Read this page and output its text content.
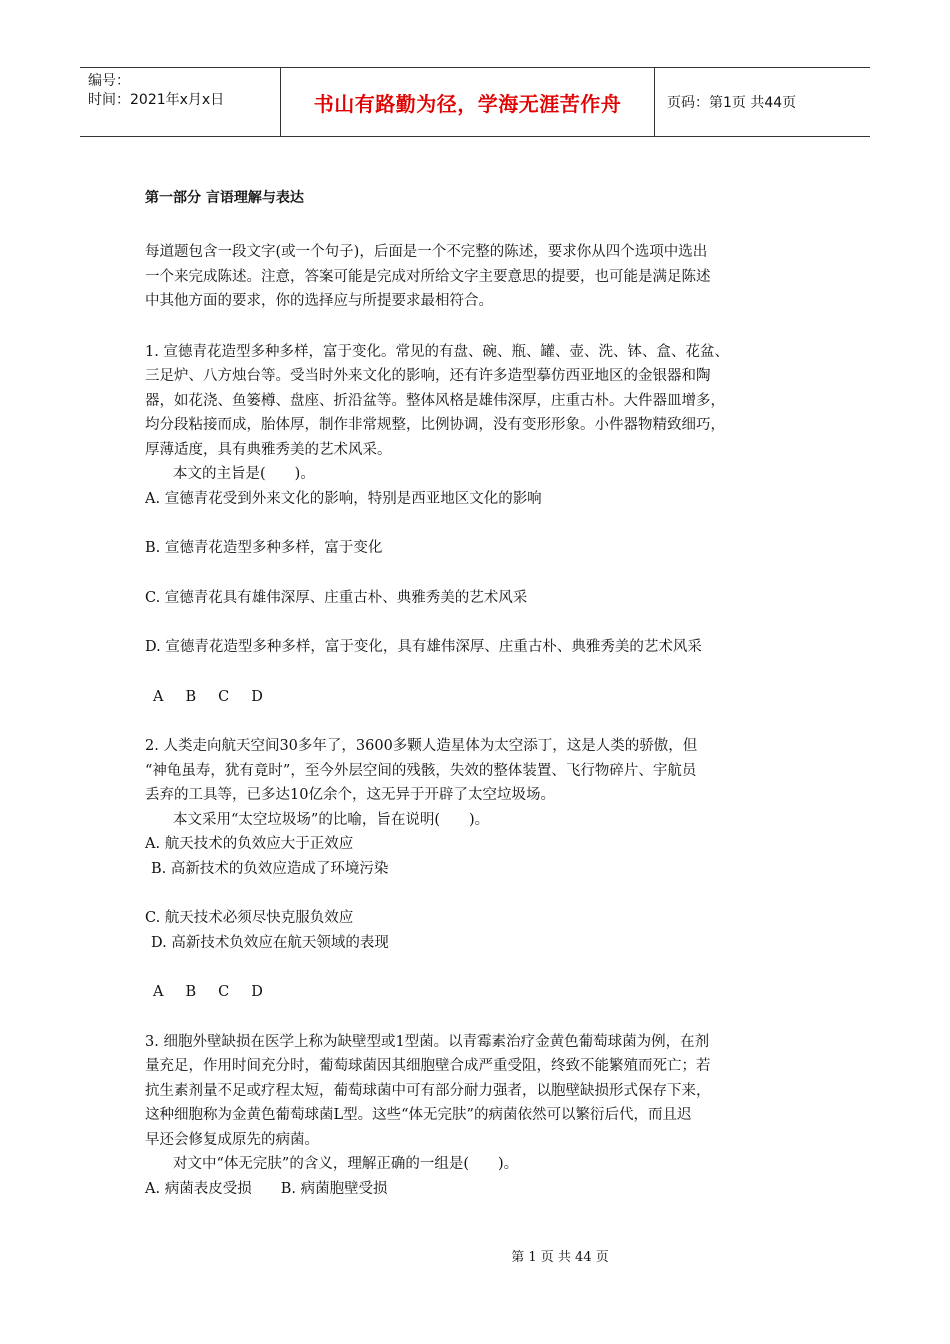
编号：
时间：2021年x月x日	书山有路勤为径，学海无涯苦作舟	页码：第1页 共44页

第一部分 言语理解与表达

每道题包含一段文字(或一个句子)，后面是一个不完整的陈述，要求你从四个选项中选出

一个来完成陈述。注意，答案可能是完成对所给文字主要意思的提要，也可能是满足陈述

中其他方面的要求，你的选择应与所提要求最相符合。

1. 宣德青花造型多种多样，富于变化。常见的有盘、碗、瓶、罐、壶、洗、钵、盒、花盆、

三足炉、八方烛台等。受当时外来文化的影响，还有许多造型摹仿西亚地区的金银器和陶

器，如花浇、鱼篓樽、盘座、折沿盆等。整体风格是雄伟深厚，庄重古朴。大件器皿增多，

均分段粘接而成，胎体厚，制作非常规整，比例协调，没有变形形象。小件器物精致细巧，

厚薄适度，具有典雅秀美的艺术风采。

本文的主旨是(　　)。

A. 宣德青花受到外来文化的影响，特别是西亚地区文化的影响

B. 宣德青花造型多种多样，富于变化

C. 宣德青花具有雄伟深厚、庄重古朴、典雅秀美的艺术风采

D. 宣德青花造型多种多样，富于变化，具有雄伟深厚、庄重古朴、典雅秀美的艺术风采

A B C D

2. 人类走向航天空间30多年了，3600多颗人造星体为太空添丁，这是人类的骄傲，但

“神龟虽寿，犹有竟时”，至今外层空间的残骸，失效的整体装置、飞行物碎片、宇航员

丢弃的工具等，已多达10亿余个，这无异于开辟了太空垃圾场。

本文采用“太空垃圾场”的比喻，旨在说明(　　)。

A. 航天技术的负效应大于正效应

B. 高新技术的负效应造成了环境污染

C. 航天技术必须尽快克服负效应

D. 高新技术负效应在航天领域的表现

A B C D

3. 细胞外壁缺损在医学上称为缺壁型或1型菌。以青霉素治疗金黄色葡萄球菌为例，在剂

量充足，作用时间充分时，葡萄球菌因其细胞壁合成严重受阻，终致不能繁殖而死亡；若

抗生素剂量不足或疗程太短，葡萄球菌中可有部分耐力强者，以胞壁缺损形式保存下来，

这种细胞称为金黄色葡萄球菌L型。这些“体无完肤”的病菌依然可以繁衍后代，而且迟

早还会修复成原先的病菌。

对文中“体无完肤”的含义，理解正确的一组是(　　)。

A. 病菌表皮受损　　B. 病菌胞壁受损

第 1 页 共 44 页
